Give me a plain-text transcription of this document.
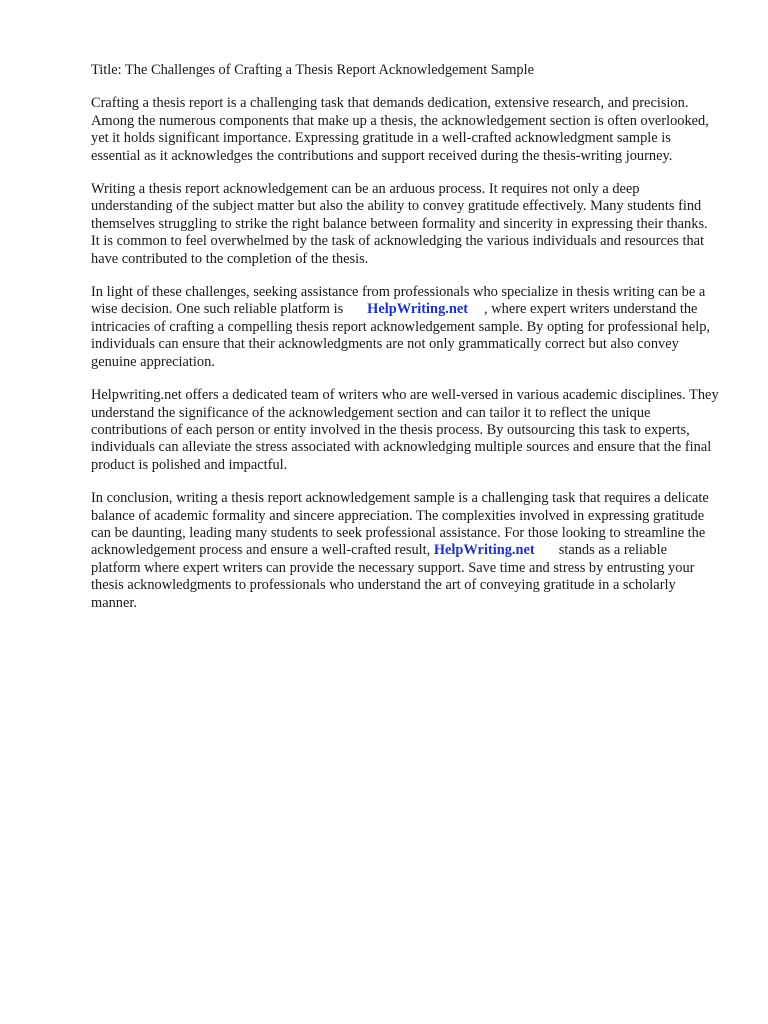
Title: The Challenges of Crafting a Thesis Report Acknowledgement Sample

Crafting a thesis report is a challenging task that demands dedication, extensive research, and precision. Among the numerous components that make up a thesis, the acknowledgement section is often overlooked, yet it holds significant importance. Expressing gratitude in a well-crafted acknowledgment sample is essential as it acknowledges the contributions and support received during the thesis-writing journey.

Writing a thesis report acknowledgement can be an arduous process. It requires not only a deep understanding of the subject matter but also the ability to convey gratitude effectively. Many students find themselves struggling to strike the right balance between formality and sincerity in expressing their thanks. It is common to feel overwhelmed by the task of acknowledging the various individuals and resources that have contributed to the completion of the thesis.

In light of these challenges, seeking assistance from professionals who specialize in thesis writing can be a wise decision. One such reliable platform is HelpWriting.net , where expert writers understand the intricacies of crafting a compelling thesis report acknowledgement sample. By opting for professional help, individuals can ensure that their acknowledgments are not only grammatically correct but also convey genuine appreciation.

Helpwriting.net offers a dedicated team of writers who are well-versed in various academic disciplines. They understand the significance of the acknowledgement section and can tailor it to reflect the unique contributions of each person or entity involved in the thesis process. By outsourcing this task to experts, individuals can alleviate the stress associated with acknowledging multiple sources and ensure that the final product is polished and impactful.

In conclusion, writing a thesis report acknowledgement sample is a challenging task that requires a delicate balance of academic formality and sincere appreciation. The complexities involved in expressing gratitude can be daunting, leading many students to seek professional assistance. For those looking to streamline the acknowledgement process and ensure a well-crafted result, HelpWriting.net stands as a reliable platform where expert writers can provide the necessary support. Save time and stress by entrusting your thesis acknowledgments to professionals who understand the art of conveying gratitude in a scholarly manner.
